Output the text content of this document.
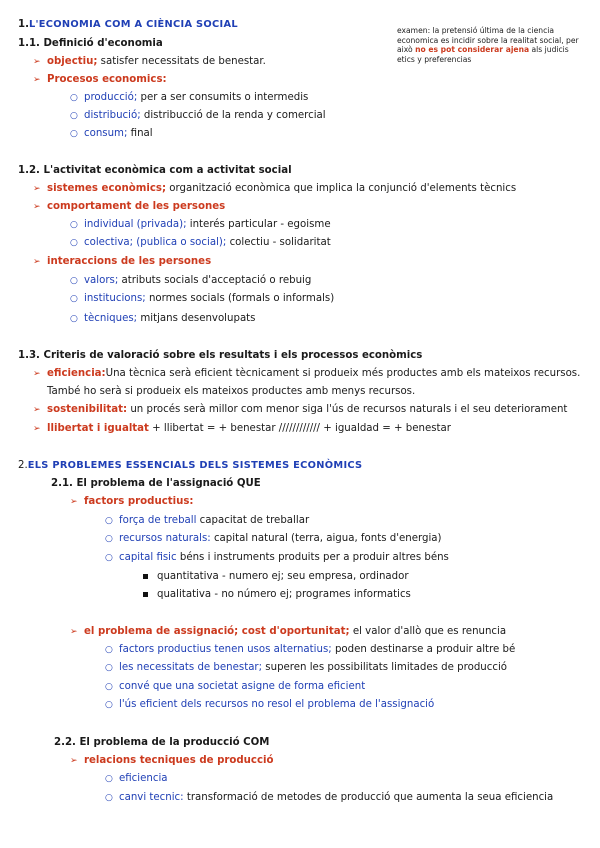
1.L'ECONOMIA COM A CIÈNCIA SOCIAL
examen: la pretensió última de la ciencia economica es incidir sobre la realitat social, per això no es pot considerar ajena als judicis etics y preferencias
1.1. Definició d'economia
➢ objectiu; satisfer necessitats de benestar.
➢ Procesos economics:
○ producció; per a ser consumits o intermedis
○ distribució; distribucció de la renda y comercial
○ consum; final
1.2. L'activitat econòmica com a activitat social
➢ sistemes econòmics; organització econòmica que implica la conjunció d'elements tècnics
➢ comportament de les persones
○ individual (privada); interés particular - egoisme
○ colectiva; (publica o social); colectiu - solidaritat
➢ interaccions de les persones
○ valors; atributs socials d'acceptació o rebuig
○ institucions; normes socials (formals o informals)
○ tècniques; mitjans desenvolupats
1.3. Criteris de valoració sobre els resultats i els processos econòmics
➢ eficiencia:Una tècnica serà eficient tècnicament si produeix més productes amb els mateixos recursos.
També ho serà si produeix els mateixos productes amb menys recursos.
➢ sostenibilitat: un procés serà millor com menor siga l'ús de recursos naturals i el seu deteriorament
➢ llibertat i igualtat + llibertat = + benestar //////////// + igualdad = + benestar
2.ELS PROBLEMES ESSENCIALS DELS SISTEMES ECONÒMICS
2.1. El problema de l'assignació QUE
➢ factors productius:
○ força de treball capacitat de treballar
○ recursos naturals: capital natural (terra, aigua, fonts d'energia)
○ capital fisic béns i instruments produits per a produir altres béns
quantitativa - numero ej; seu empresa, ordinador
qualitativa - no número ej; programes informatics
➢ el problema de assignació; cost d'oportunitat; el valor d'allò que es renuncia
○ factors productius tenen usos alternatius; poden destinarse a produir altre bé
○ les necessitats de benestar; superen les possibilitats limitades de producció
○ convé que una societat asigne de forma eficient
○ l'ús eficient dels recursos no resol el problema de l'assignació
2.2. El problema de la producció COM
➢ relacions tecniques de producció
○ eficiencia
○ canvi tecnic: transformació de metodes de producció que aumenta la seua eficiencia
